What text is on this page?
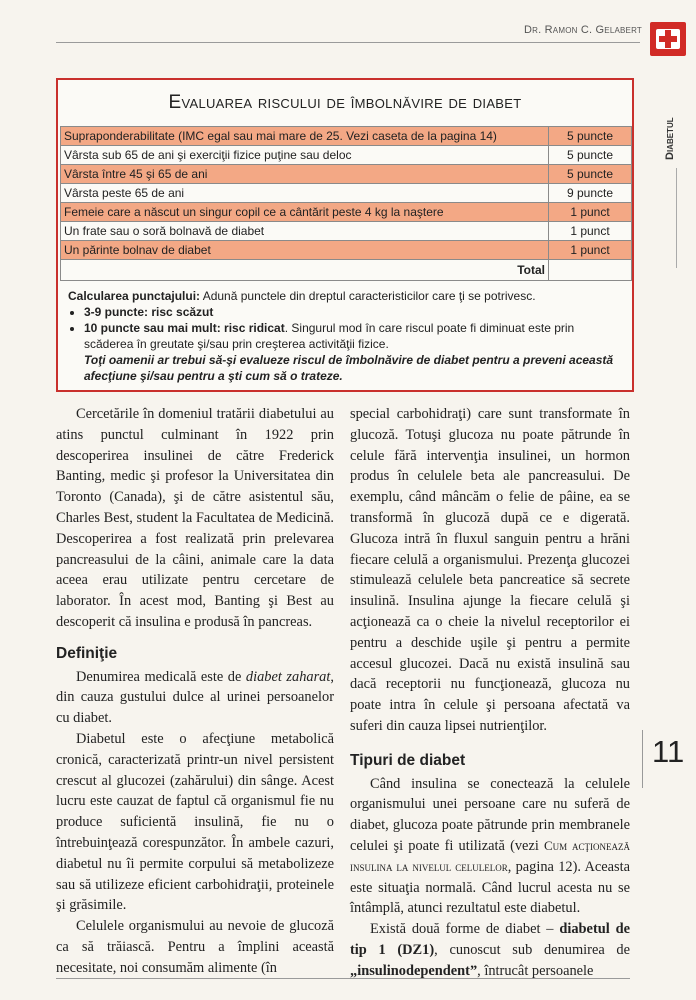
Dr. Ramon C. Gelabert
Diabetul
Evaluarea riscului de îmbolnăvire de diabet
Supraponderabilitate (IMC egal sau mai mare de 25. Vezi caseta de la pagina 14)	5 puncte
Vârsta sub 65 de ani şi exerciţii fizice puţine sau deloc	5 puncte
Vârsta între 45 şi 65 de ani	5 puncte
Vârsta peste 65 de ani	9 puncte
Femeie care a născut un singur copil ce a cântărit peste 4 kg la naştere	1 punct
Un frate sau o soră bolnavă de diabet	1 punct
Un părinte bolnav de diabet	1 punct
Total	

Calcularea punctajului: Adună punctele din dreptul caracteristicilor care ţi se potrivesc.

• 3-9 puncte: risc scăzut
• 10 puncte sau mai mult: risc ridicat. Singurul mod în care riscul poate fi diminuat este prin scăderea în greutate şi/sau prin creşterea activităţii fizice.

Toţi oamenii ar trebui să-şi evalueze riscul de îmbolnăvire de diabet pentru a preveni această afecţiune şi/sau pentru a şti cum să o trateze.

Cercetările în domeniul tratării diabetului au atins punctul culminant în 1922 prin descoperirea insulinei de către Frederick Banting, medic şi profesor la Universitatea din Toronto (Canada), şi de către asistentul său, Charles Best, student la Facultatea de Medicină. Descoperirea a fost realizată prin prelevarea pancreasului de la câini, animale care la data aceea erau utilizate pentru cercetare de laborator. În acest mod, Banting şi Best au descoperit că insulina e produsă în pancreas.

Definiţie

Denumirea medicală este de diabet zaharat, din cauza gustului dulce al urinei persoanelor cu diabet.

Diabetul este o afecţiune metabolică cronică, caracterizată printr-un nivel persistent crescut al glucozei (zahărului) din sânge. Acest lucru este cauzat de faptul că organismul fie nu produce suficientă insulină, fie nu o întrebuinţează corespunzător. În ambele cazuri, diabetul nu îi permite corpului să metabolizeze sau să utilizeze eficient carbohidraţii, proteinele şi grăsimile.

Celulele organismului au nevoie de glucoză ca să trăiască. Pentru a împlini această necesitate, noi consumăm alimente (în

special carbohidraţi) care sunt transformate în glucoză. Totuşi glucoza nu poate pătrunde în celule fără intervenţia insulinei, un hormon produs în celulele beta ale pancreasului. De exemplu, când mâncăm o felie de pâine, ea se transformă în glucoză după ce e digerată. Glucoza intră în fluxul sanguin pentru a hrăni fiecare celulă a organismului. Prezenţa glucozei stimulează celulele beta pancreatice să secrete insulină. Insulina ajunge la fiecare celulă şi acţionează ca o cheie la nivelul receptorilor ei pentru a deschide uşile şi pentru a permite accesul glucozei. Dacă nu există insulină sau dacă receptorii nu funcţionează, glucoza nu poate intra în celule şi persoana afectată va suferi din cauza lipsei nutrienţilor.

Tipuri de diabet

Când insulina se conectează la celulele organismului unei persoane care nu suferă de diabet, glucoza poate pătrunde prin membranele celulei şi poate fi utilizată (vezi Cum acţionează insulina la nivelul celulelor, pagina 12). Aceasta este situaţia normală. Când lucrul acesta nu se întâmplă, atunci rezultatul este diabetul.

Există două forme de diabet – diabetul de tip 1 (DZ1), cunoscut sub denumirea de „insulinodependent”, întrucât persoanele

11
